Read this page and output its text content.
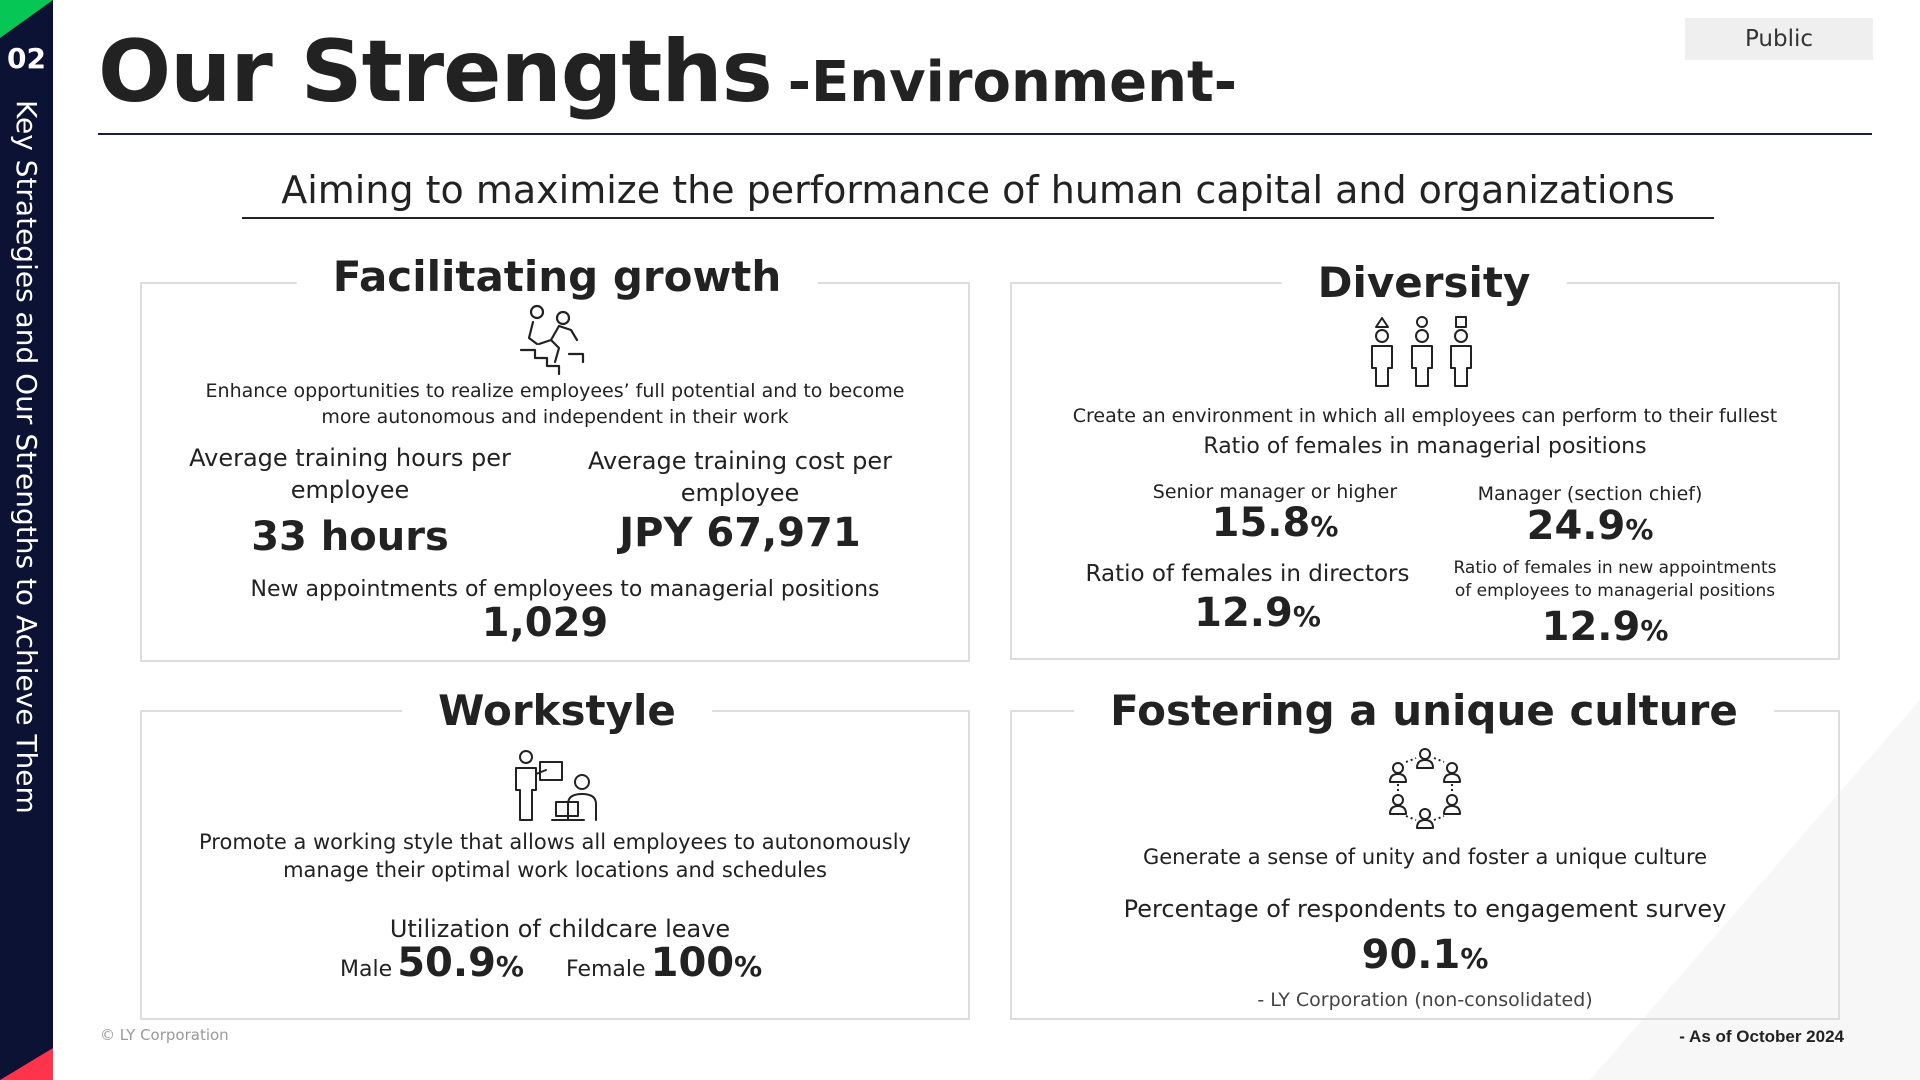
02
Key Strategies and Our Strengths to Achieve Them
Our Strengths -Environment-
Public
Aiming to maximize the performance of human capital and organizations
Facilitating growth
Enhance opportunities to realize employees’ full potential and to become
more autonomous and independent in their work
Average training hours per
employee
33 hours
Average training cost per
employee
JPY 67,971
New appointments of employees to managerial positions
1,029
Diversity
Create an environment in which all employees can perform to their fullest
Ratio of females in managerial positions
Senior manager or higher
15.8%
Manager (section chief)
24.9%
Ratio of females in directors
12.9%
Ratio of females in new appointments
of employees to managerial positions
12.9%
Workstyle
Promote a working style that allows all employees to autonomously
manage their optimal work locations and schedules
Utilization of childcare leave
Male 50.9% Female 100%
Fostering a unique culture
Generate a sense of unity and foster a unique culture
Percentage of respondents to engagement survey
90.1%
- LY Corporation (non-consolidated)
© LY Corporation	- As of October 2024
